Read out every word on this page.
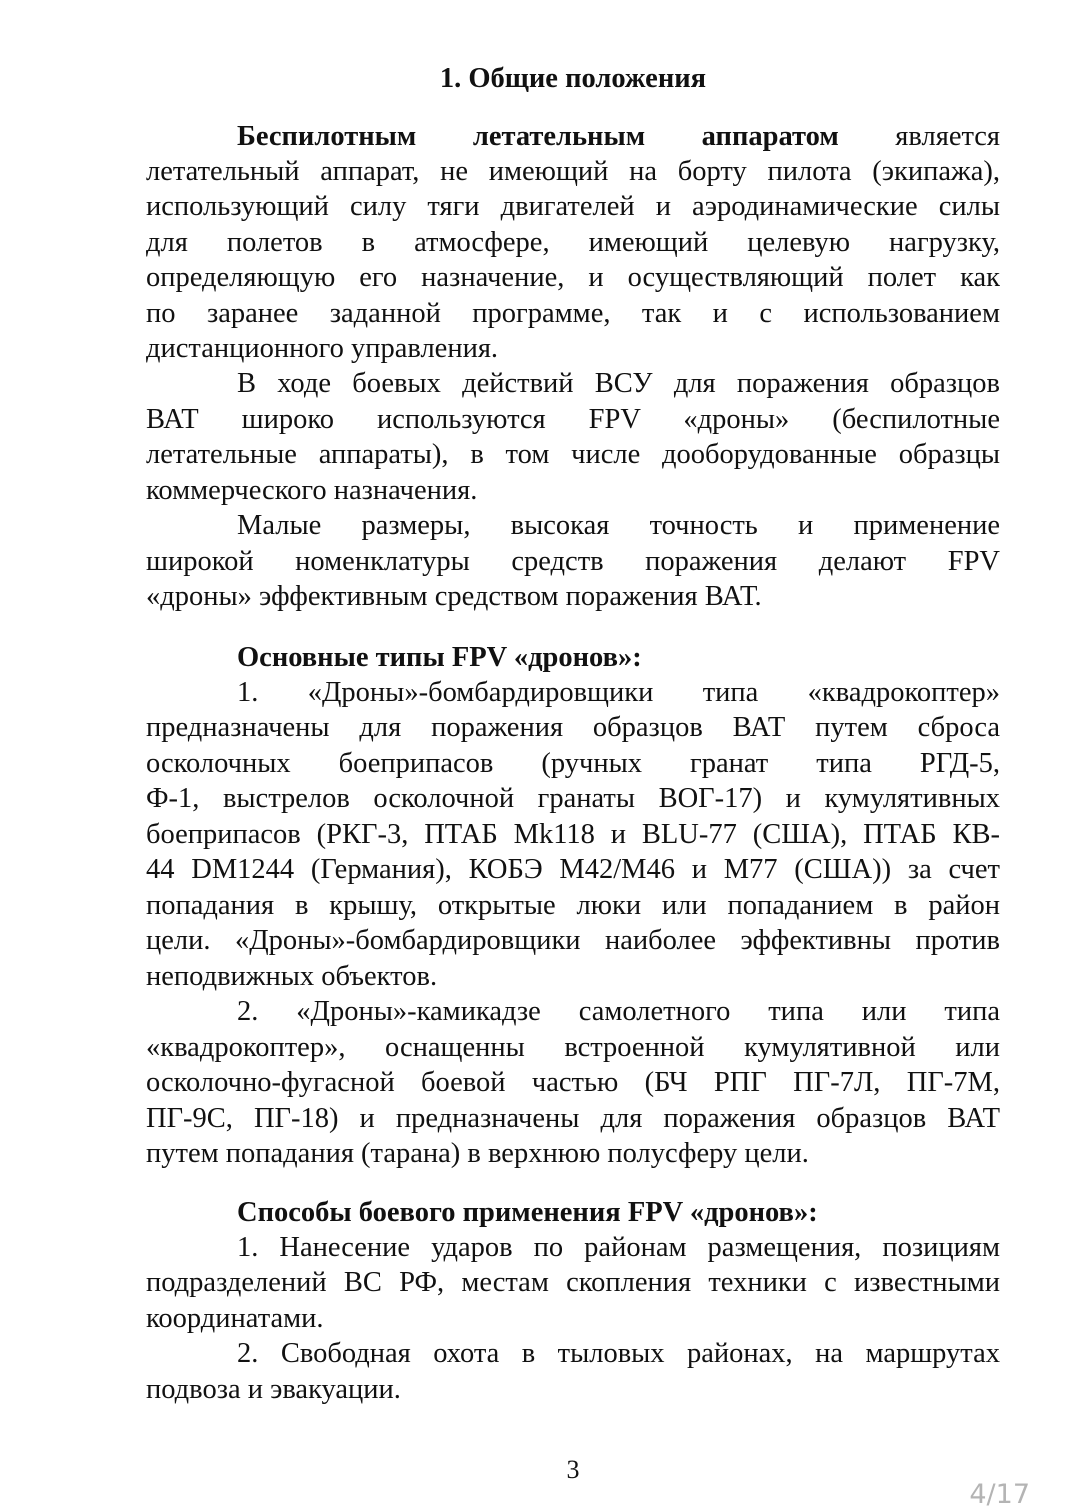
1. Общие положения
Беспилотным летательным аппаратом является
летательный аппарат, не имеющий на борту пилота (экипажа),
использующий силу тяги двигателей и аэродинамические силы
для полетов в атмосфере, имеющий целевую нагрузку,
определяющую его назначение, и осуществляющий полет как
по заранее заданной программе, так и с использованием
дистанционного управления.
В ходе боевых действий ВСУ для поражения образцов
ВАТ широко используются FPV «дроны» (беспилотные
летательные аппараты), в том числе дооборудованные образцы
коммерческого назначения.
Малые размеры, высокая точность и применение
широкой номенклатуры средств поражения делают FPV
«дроны» эффективным средством поражения ВАТ.
Основные типы FPV «дронов»:
1. «Дроны»-бомбардировщики типа «квадрокоптер»
предназначены для поражения образцов ВАТ путем сброса
осколочных боеприпасов (ручных гранат типа РГД-5,
Ф-1, выстрелов осколочной гранаты ВОГ-17) и кумулятивных
боеприпасов (РКГ-3, ПТАБ Mk118 и BLU-77 (США), ПТАБ КВ-
44 DM1244 (Германия), КОБЭ M42/M46 и M77 (США)) за счет
попадания в крышу, открытые люки или попаданием в район
цели. «Дроны»-бомбардировщики наиболее эффективны против
неподвижных объектов.
2. «Дроны»-камикадзе самолетного типа или типа
«квадрокоптер», оснащенны встроенной кумулятивной или
осколочно-фугасной боевой частью (БЧ РПГ ПГ-7Л, ПГ-7М,
ПГ-9С, ПГ-18) и предназначены для поражения образцов ВАТ
путем попадания (тарана) в верхнюю полусферу цели.
Способы боевого применения FPV «дронов»:
1. Нанесение ударов по районам размещения, позициям
подразделений ВС РФ, местам скопления техники с известными
координатами.
2. Свободная охота в тыловых районах, на маршрутах
подвоза и эвакуации.
3
4/17
